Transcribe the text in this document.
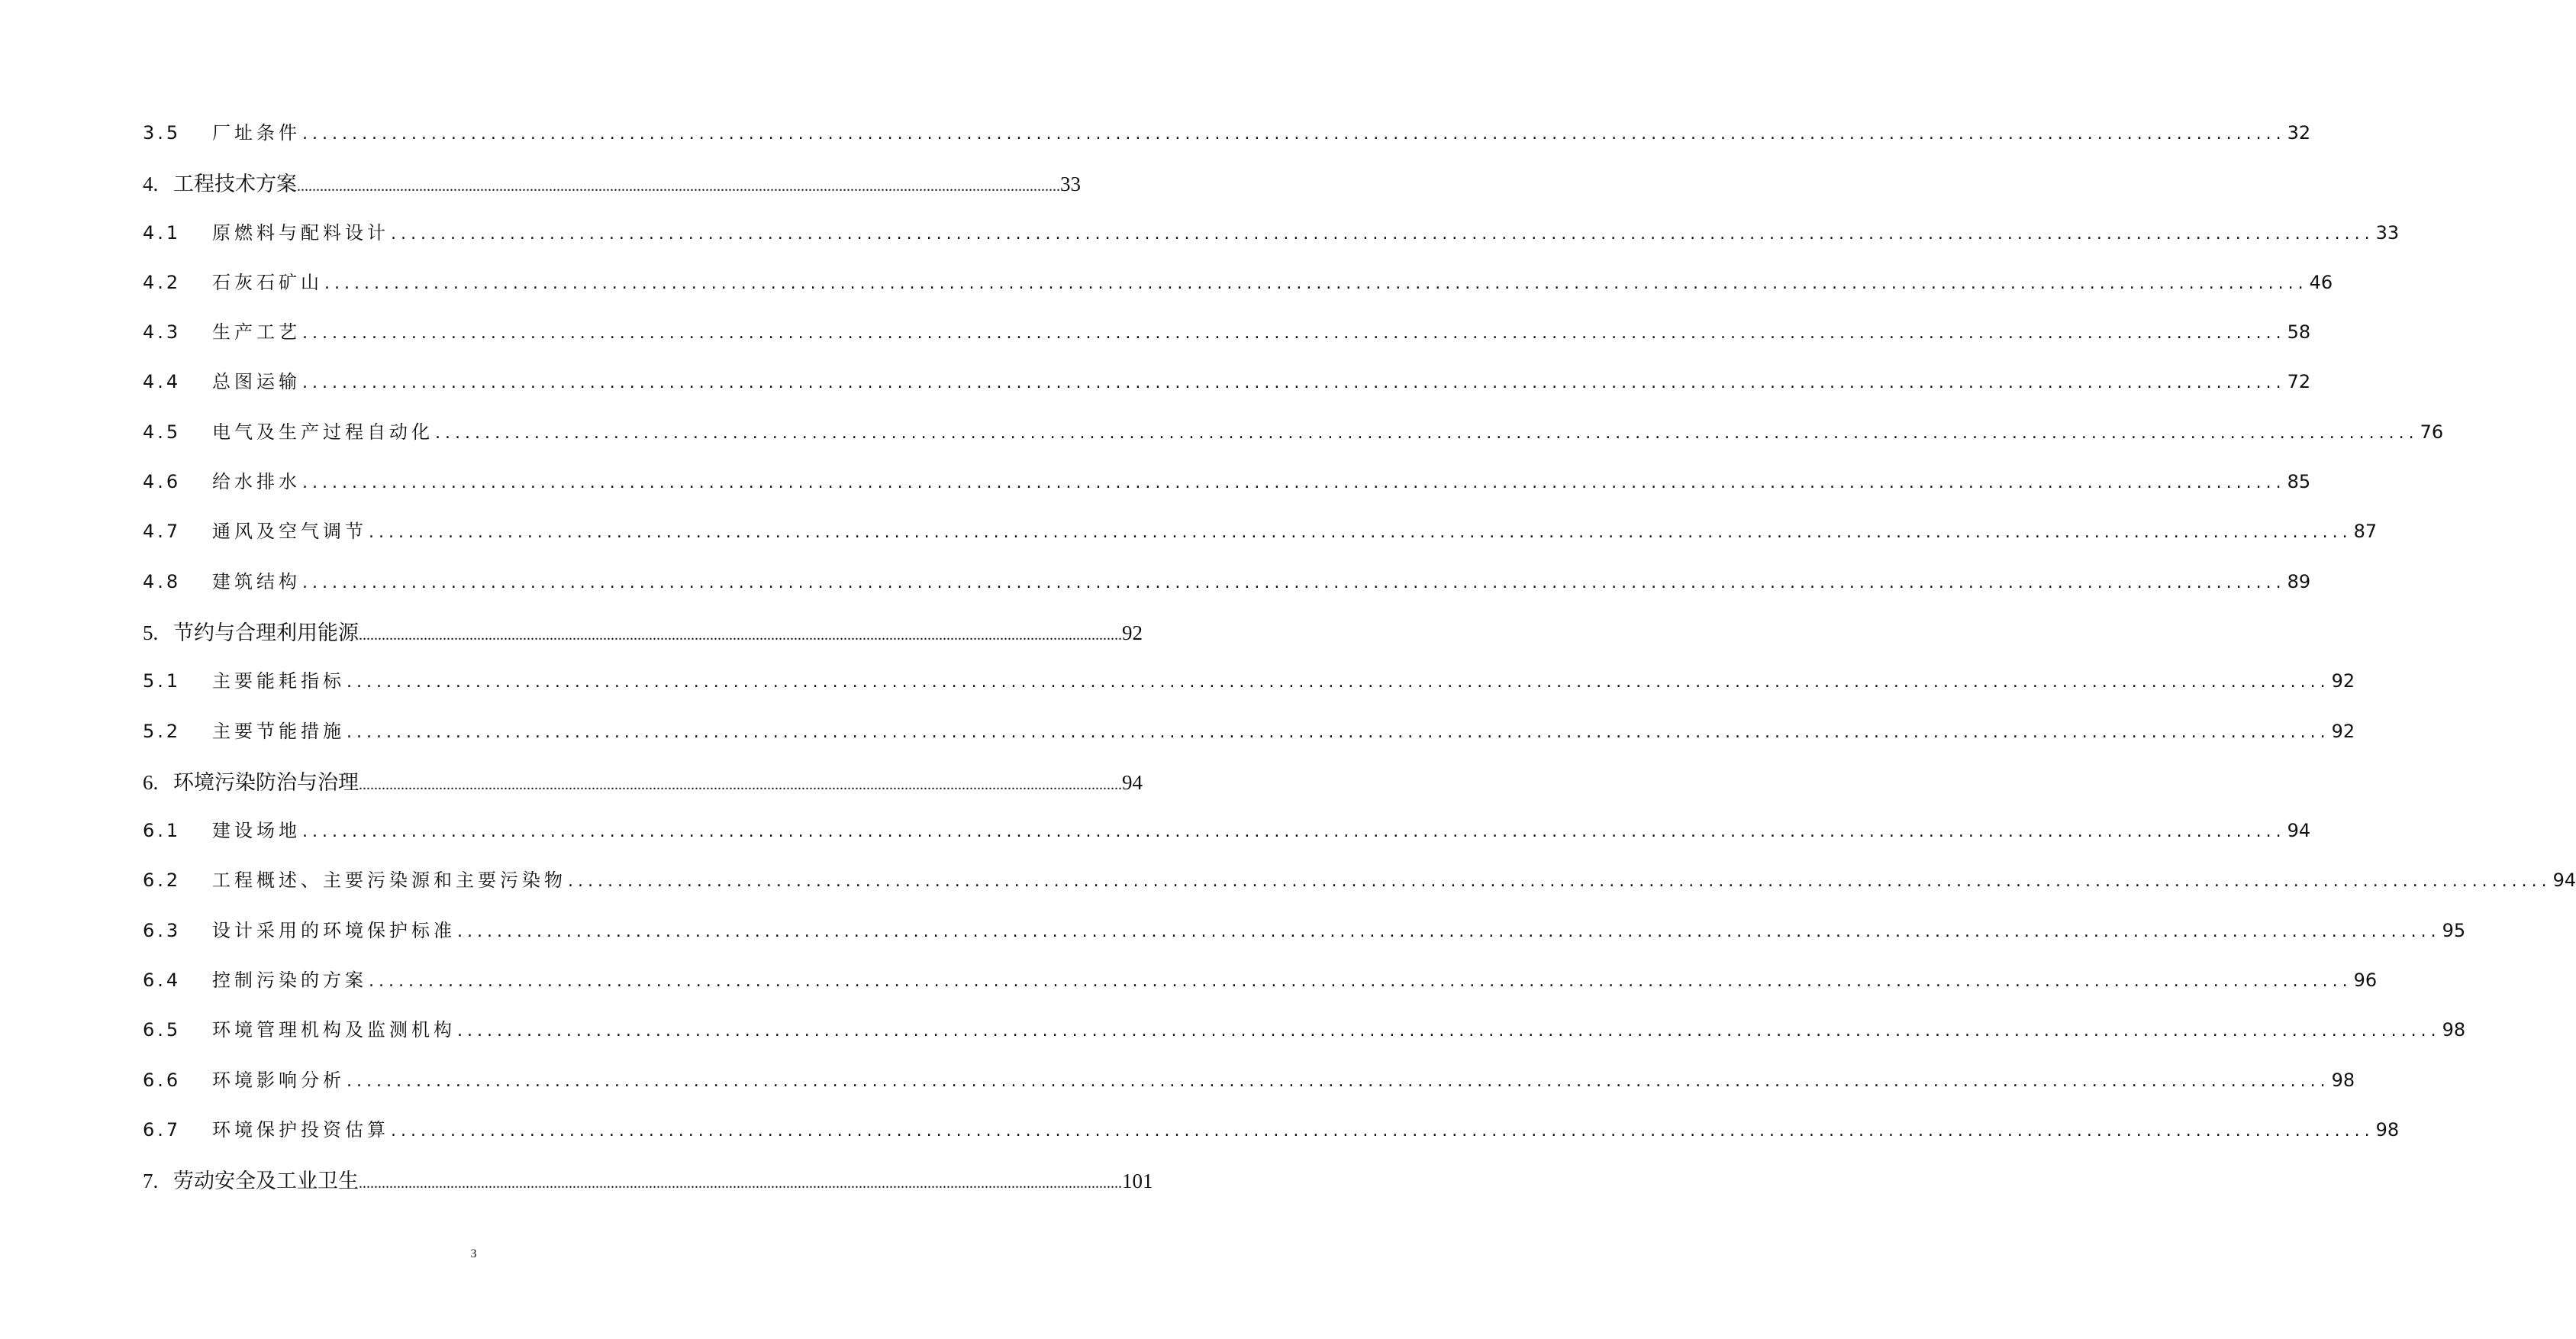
3.5	厂址条件 ........................................................................................................................................................................................................ 32
4. 工程技术方案 ........................................................................................................................................................................................................ 33
4.1	原燃料与配料设计 ........................................................................................................................................................................................................ 33
4.2	石灰石矿山 ........................................................................................................................................................................................................ 46
4.3	生产工艺 ........................................................................................................................................................................................................ 58
4.4	总图运输 ........................................................................................................................................................................................................ 72
4.5	电气及生产过程自动化 ........................................................................................................................................................................................................ 76
4.6	给水排水 ........................................................................................................................................................................................................ 85
4.7	通风及空气调节 ........................................................................................................................................................................................................ 87
4.8	建筑结构 ........................................................................................................................................................................................................ 89
5. 节约与合理利用能源 ........................................................................................................................................................................................................ 92
5.1	主要能耗指标 ........................................................................................................................................................................................................ 92
5.2	主要节能措施 ........................................................................................................................................................................................................ 92
6. 环境污染防治与治理 ........................................................................................................................................................................................................ 94
6.1	建设场地 ........................................................................................................................................................................................................ 94
6.2	工程概述、主要污染源和主要污染物 ........................................................................................................................................................................................................ 94
6.3	设计采用的环境保护标准 ........................................................................................................................................................................................................ 95
6.4	控制污染的方案 ........................................................................................................................................................................................................ 96
6.5	环境管理机构及监测机构 ........................................................................................................................................................................................................ 98
6.6	环境影响分析 ........................................................................................................................................................................................................ 98
6.7	环境保护投资估算 ........................................................................................................................................................................................................ 98
7. 劳动安全及工业卫生 ........................................................................................................................................................................................................ 101
3
